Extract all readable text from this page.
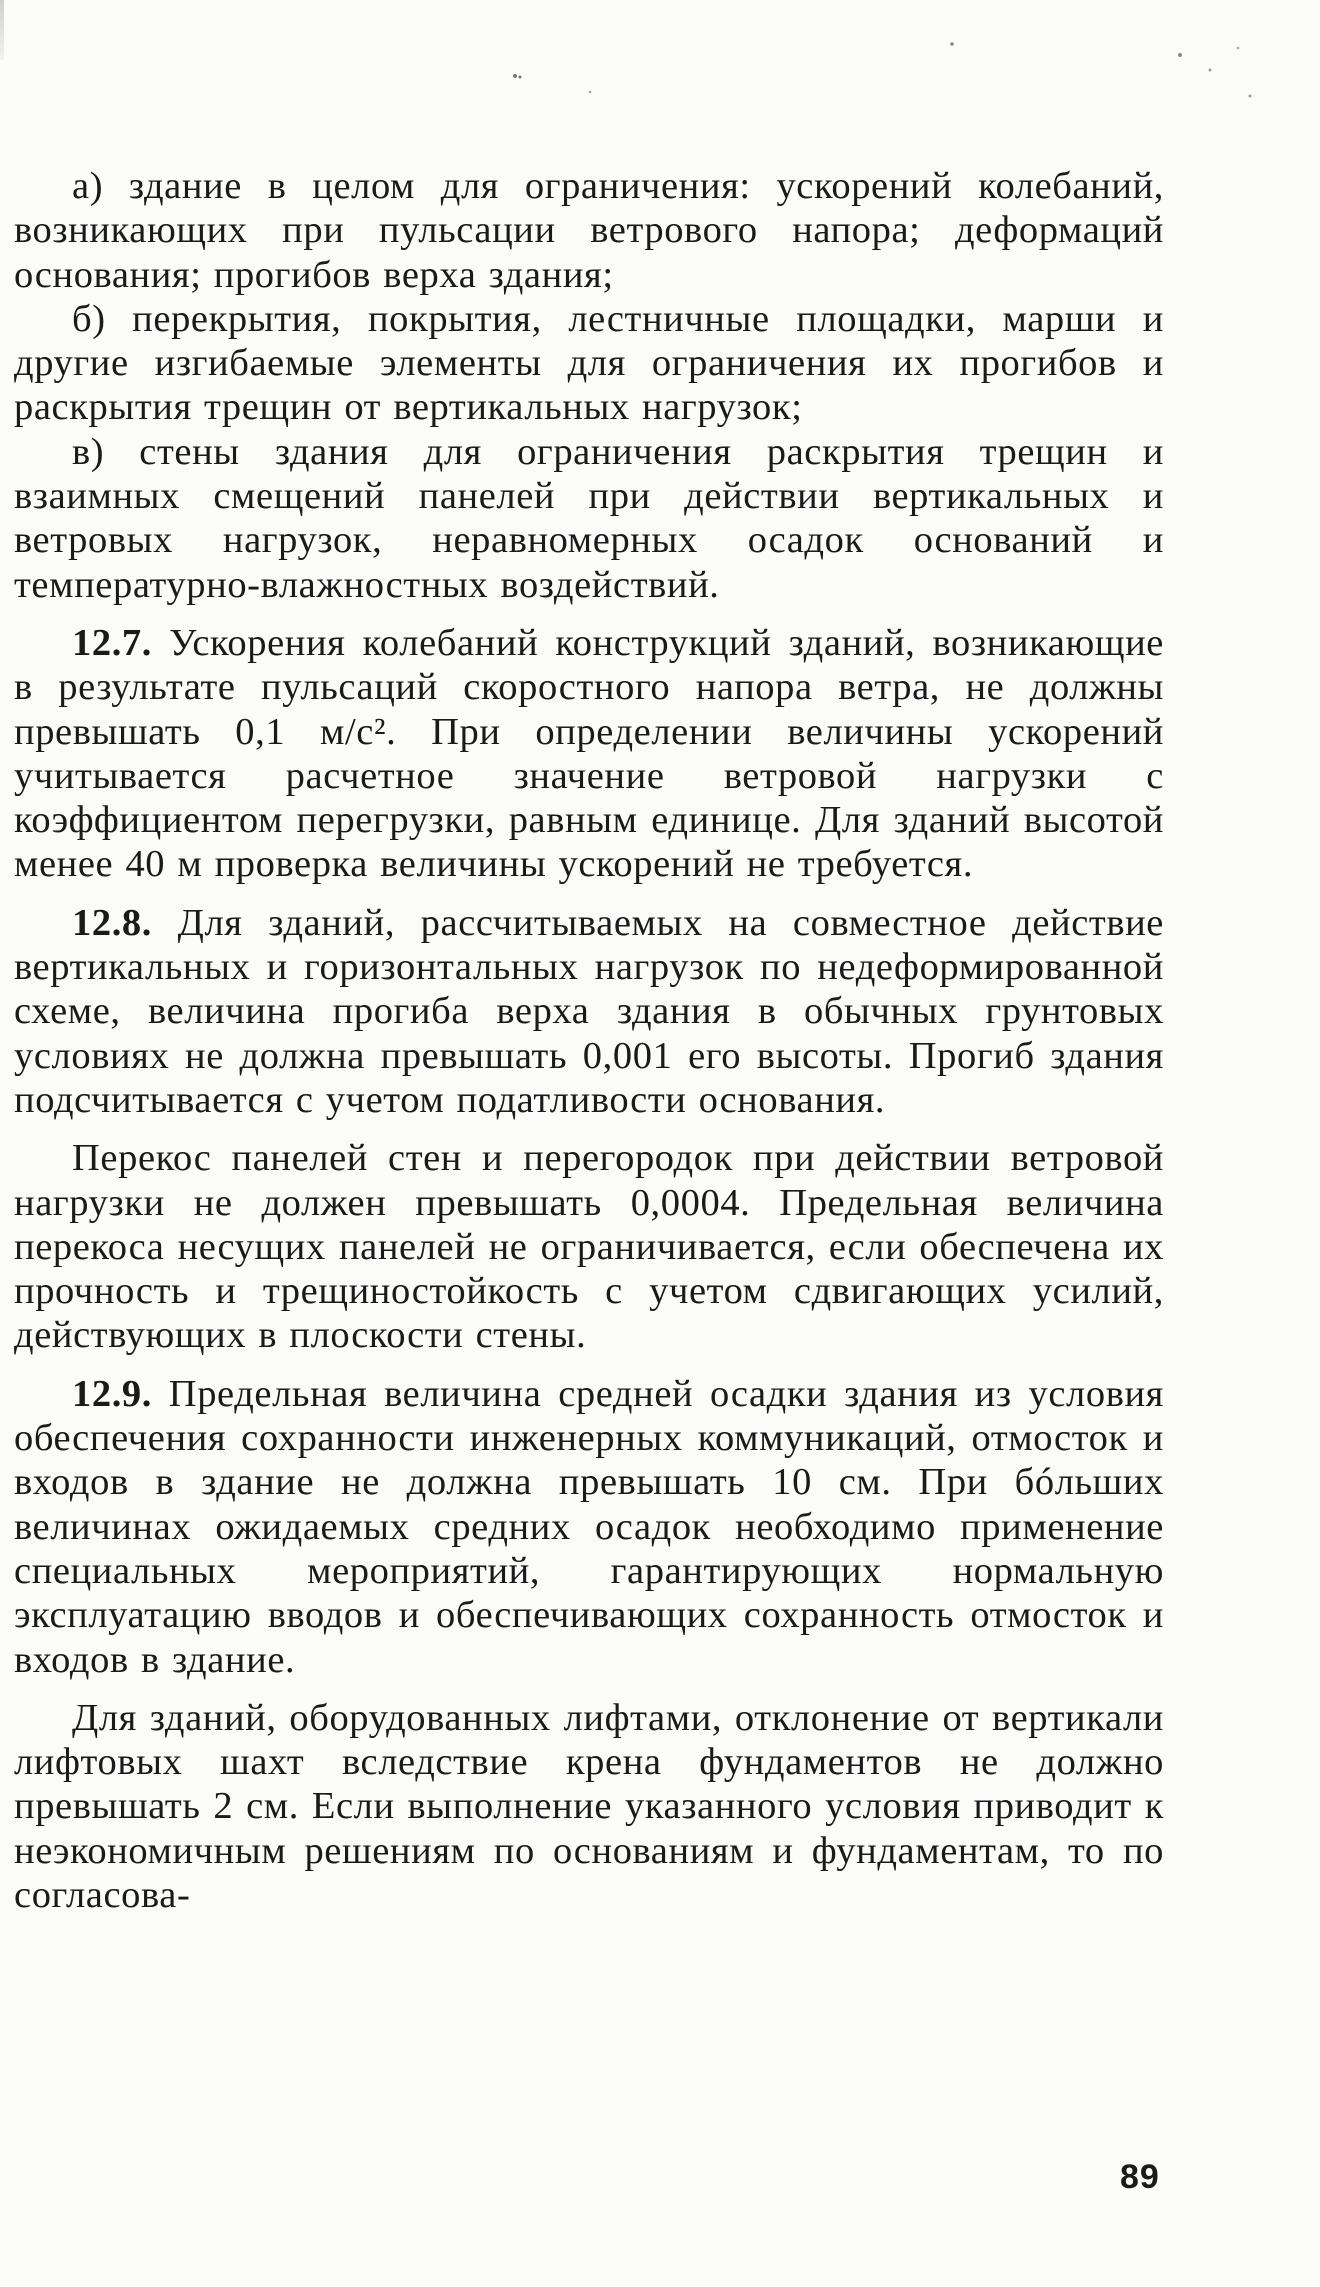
а) здание в целом для ограничения: ускорений колебаний, возникающих при пульсации ветрового напора; деформаций основания; прогибов верха здания;

б) перекрытия, покрытия, лестничные площадки, марши и другие изгибаемые элементы для ограничения их прогибов и раскрытия трещин от вертикальных нагрузок;

в) стены здания для ограничения раскрытия трещин и взаимных смещений панелей при действии вертикальных и ветровых нагрузок, неравномерных осадок оснований и температурно-влажностных воздействий.

12.7. Ускорения колебаний конструкций зданий, возникающие в результате пульсаций скоростного напора ветра, не должны превышать 0,1 м/с². При определении величины ускорений учитывается расчетное значение ветровой нагрузки с коэффициентом перегрузки, равным единице. Для зданий высотой менее 40 м проверка величины ускорений не требуется.

12.8. Для зданий, рассчитываемых на совместное действие вертикальных и горизонтальных нагрузок по недеформированной схеме, величина прогиба верха здания в обычных грунтовых условиях не должна превышать 0,001 его высоты. Прогиб здания подсчитывается с учетом податливости основания.

Перекос панелей стен и перегородок при действии ветровой нагрузки не должен превышать 0,0004. Предельная величина перекоса несущих панелей не ограничивается, если обеспечена их прочность и трещиностойкость с учетом сдвигающих усилий, действующих в плоскости стены.

12.9. Предельная величина средней осадки здания из условия обеспечения сохранности инженерных коммуникаций, отмосток и входов в здание не должна превышать 10 см. При бóльших величинах ожидаемых средних осадок необходимо применение специальных мероприятий, гарантирующих нормальную эксплуатацию вводов и обеспечивающих сохранность отмосток и входов в здание.

Для зданий, оборудованных лифтами, отклонение от вертикали лифтовых шахт вследствие крена фундаментов не должно превышать 2 см. Если выполнение указанного условия приводит к неэкономичным решениям по основаниям и фундаментам, то по согласова-

89
